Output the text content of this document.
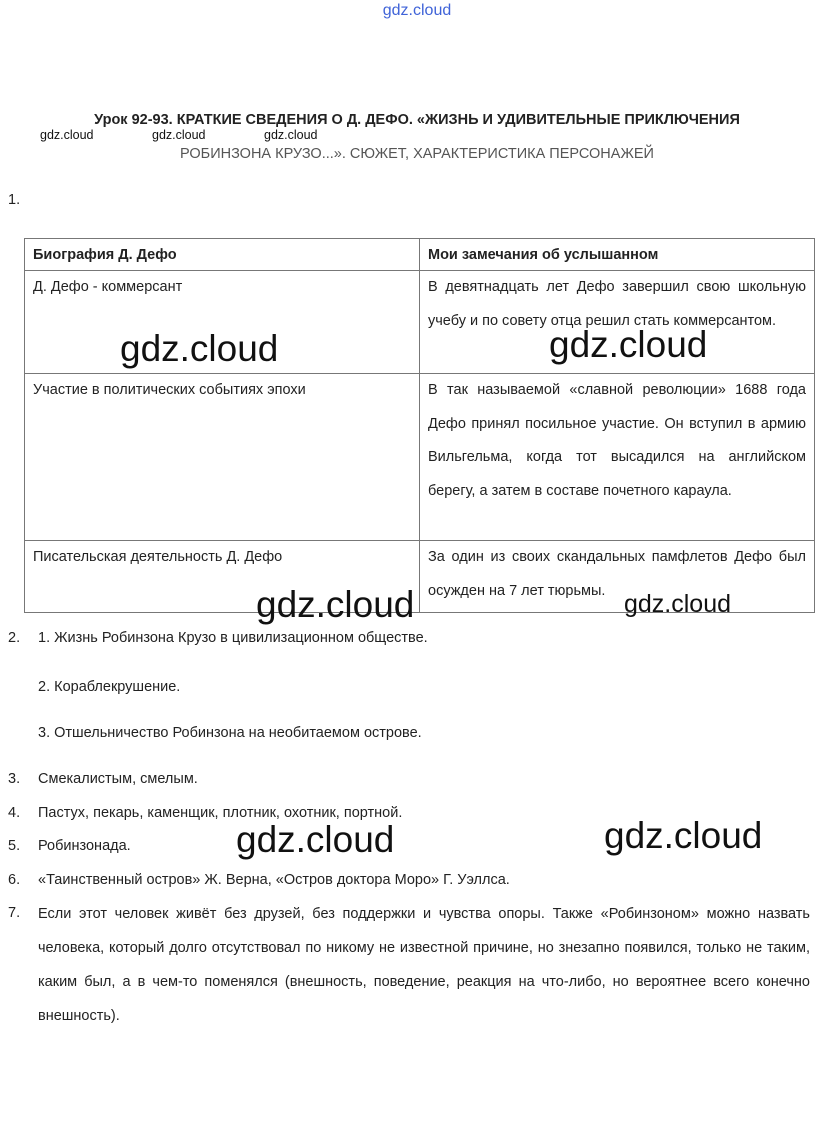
gdz.cloud
Урок 92-93. КРАТКИЕ СВЕДЕНИЯ О Д. ДЕФО. «ЖИЗНЬ И УДИВИТЕЛЬНЫЕ ПРИКЛЮЧЕНИЯ
gdz.cloud	gdz.cloud	gdz.cloud
РОБИНЗОНА КРУЗО...». СЮЖЕТ, ХАРАКТЕРИСТИКА ПЕРСОНАЖЕЙ
1.
Биография Д. Дефо	Мои замечания об услышанном
Д. Дефо - коммерсант	В девятнадцать лет Дефо завершил свою школьную учебу и по совету отца решил стать коммерсантом.
Участие в политических событиях эпохи	В так называемой «славной революции» 1688 года Дефо принял посильное участие. Он вступил в армию Вильгельма, когда тот высадился на английском берегу, а затем в составе почетного караула.
Писательская деятельность Д. Дефо	За один из своих скандальных памфлетов Дефо был осужден на 7 лет тюрьмы.
2. 1. Жизнь Робинзона Крузо в цивилизационном обществе.
2. Кораблекрушение.
3. Отшельничество Робинзона на необитаемом острове.
3. Смекалистым, смелым.
4. Пастух, пекарь, каменщик, плотник, охотник, портной.
5. Робинзонада.
6. «Таинственный остров» Ж. Верна, «Остров доктора Моро» Г. Уэллса.
7. Если этот человек живёт без друзей, без поддержки и чувства опоры. Также «Робинзоном» можно назвать человека, который долго отсутствовал по никому не известной причине, но знезапно появился, только не таким, каким был, а в чем-то поменялся (внешность, поведение, реакция на что-либо, но вероятнее всего конечно внешность).
gdz.cloud	gdz.cloud
gdz.cloud	gdz.cloud
gdz.cloud	gdz.cloud
